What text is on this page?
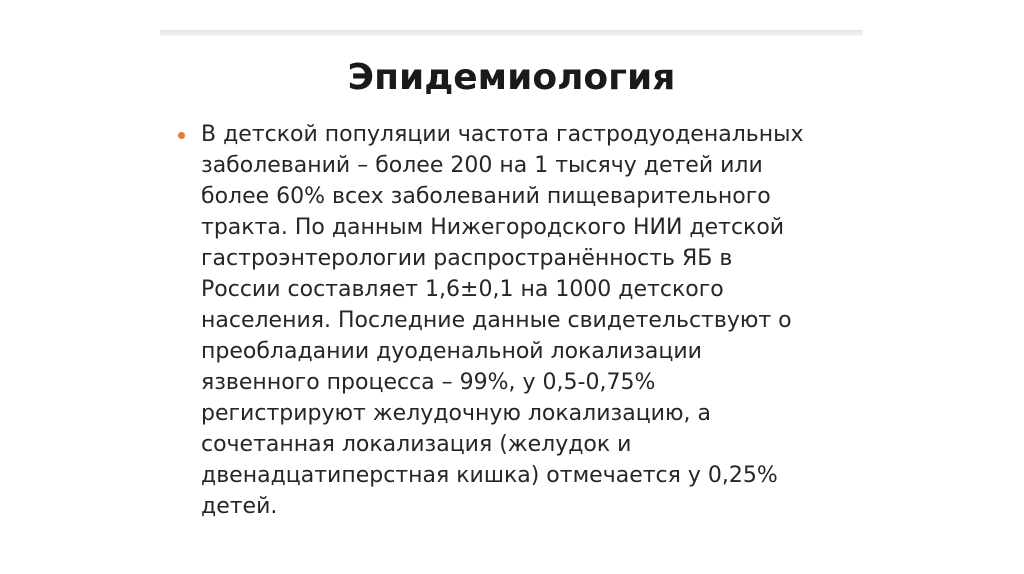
Эпидемиология
В детской популяции частота гастродуоденальных
заболеваний – более 200 на 1 тысячу детей или
более 60% всех заболеваний пищеварительного
тракта. По данным Нижегородского НИИ детской
гастроэнтерологии распространённость ЯБ в
России составляет 1,6±0,1 на 1000 детского
населения. Последние данные свидетельствуют о
преобладании дуоденальной локализации
язвенного процесса – 99%, у 0,5-0,75%
регистрируют желудочную локализацию, а
сочетанная локализация (желудок и
двенадцатиперстная кишка) отмечается у 0,25%
детей.
